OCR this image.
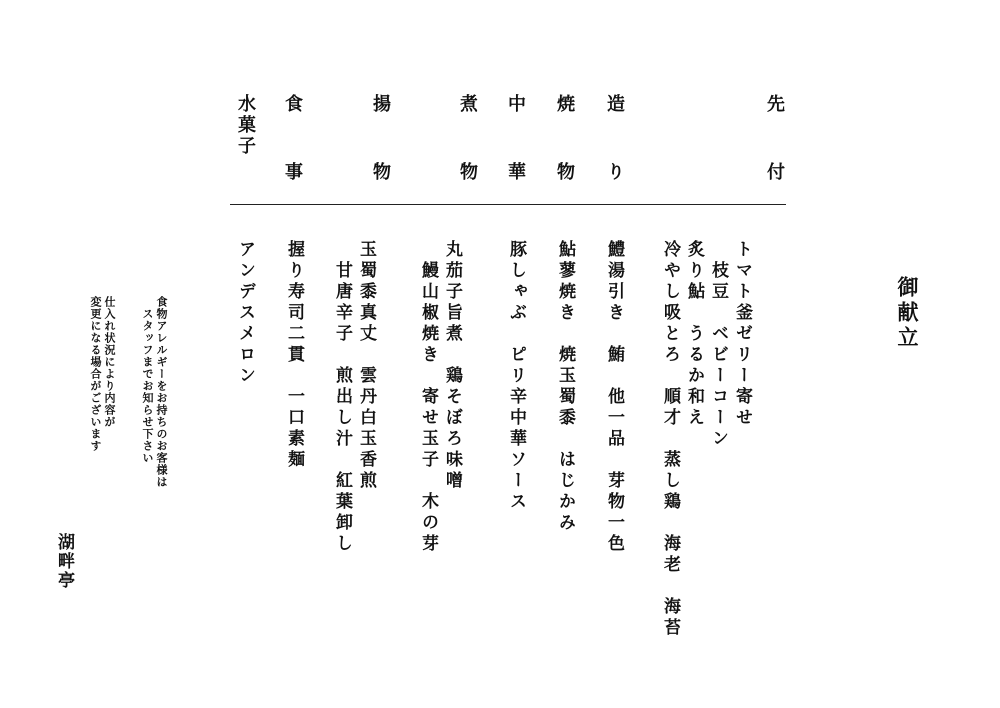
御献立
先　付
造　り
焼　物
中　華
煮　物
揚　物
食　事
水菓子
トマト釜ゼリー寄せ
　枝豆　ベビーコーン
炙り鮎　うるか和え
冷やし吸とろ　順才　蒸し鶏　海老　海苔
鱧湯引き　鮪　他一品　芽物一色
鮎蓼焼き　焼玉蜀黍　はじかみ
豚しゃぶ　ピリ辛中華ソース
丸茄子旨煮　鶏そぼろ味噌
　鰻山椒焼き　寄せ玉子　木の芽
玉蜀黍真丈　雲丹白玉香煎
　甘唐辛子　煎出し汁　紅葉卸し
握り寿司二貫　一口素麺
アンデスメロン
食物アレルギーをお持ちのお客様は
　スタッフまでお知らせ下さい
仕入れ状況により内容が
変更になる場合がございます
湖畔亭
